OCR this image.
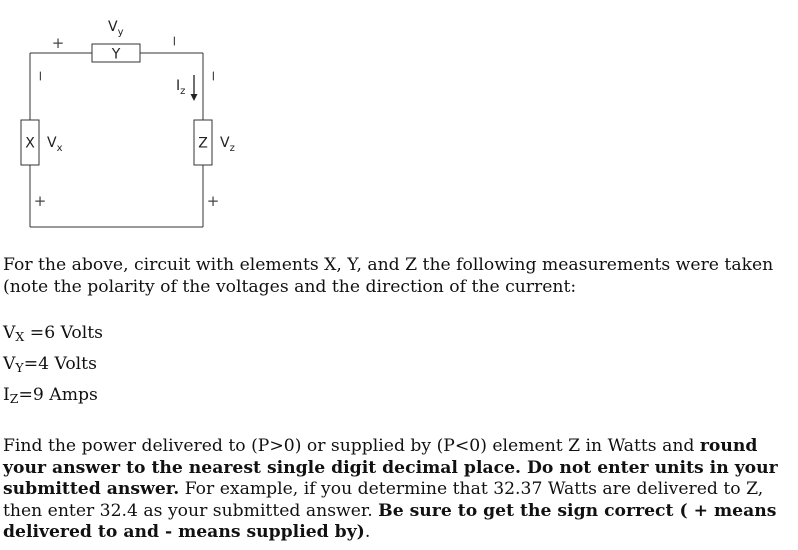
Y
X	Z
$V_y$
$V_x$	$V_z$
$I_z$
+	−
−
+
−
+
For the above, circuit with elements X, Y, and Z the following measurements were taken (note the polarity of the voltages and the direction of the current:
$V_X =6$ Volts
$V_Y=4$ Volts
$I_Z=9$ Amps
Find the power delivered to (P>0) or supplied by (P<0) element Z in Watts and round your answer to the nearest single digit decimal place. Do not enter units in your submitted answer. For example, if you determine that 32.37 Watts are delivered to Z, then enter 32.4 as your submitted answer. Be sure to get the sign correct ( + means delivered to and - means supplied by).
